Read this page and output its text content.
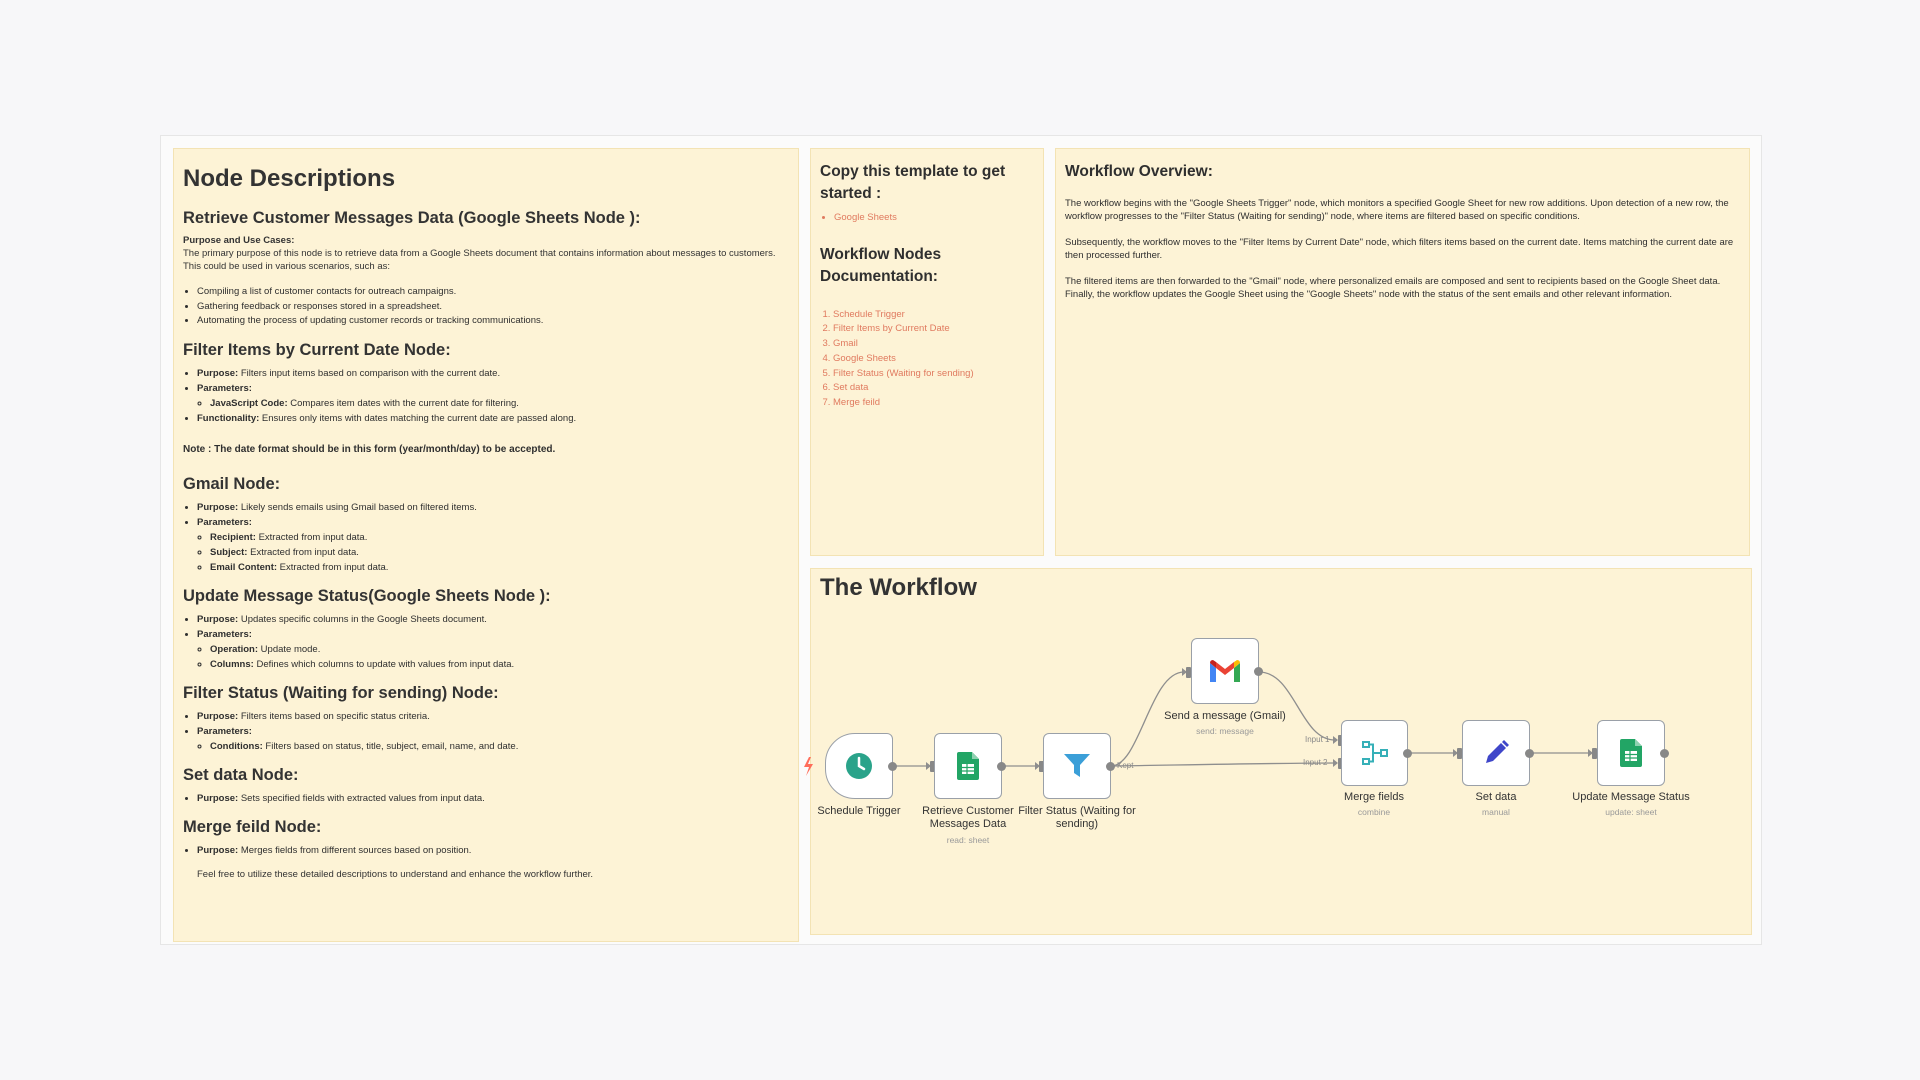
Node Descriptions
Retrieve Customer Messages Data (Google Sheets Node ):
Purpose and Use Cases:
The primary purpose of this node is to retrieve data from a Google Sheets document that contains information about messages to customers. This could be used in various scenarios, such as:
• Compiling a list of customer contacts for outreach campaigns.
• Gathering feedback or responses stored in a spreadsheet.
• Automating the process of updating customer records or tracking communications.
Filter Items by Current Date Node:
• Purpose: Filters input items based on comparison with the current date.
• Parameters:
◦ JavaScript Code: Compares item dates with the current date for filtering.
• Functionality: Ensures only items with dates matching the current date are passed along.
Note : The date format should be in this form (year/month/day) to be accepted.
Gmail Node:
• Purpose: Likely sends emails using Gmail based on filtered items.
• Parameters:
◦ Recipient: Extracted from input data.
◦ Subject: Extracted from input data.
◦ Email Content: Extracted from input data.
Update Message Status(Google Sheets Node ):
• Purpose: Updates specific columns in the Google Sheets document.
• Parameters:
◦ Operation: Update mode.
◦ Columns: Defines which columns to update with values from input data.
Filter Status (Waiting for sending) Node:
• Purpose: Filters items based on specific status criteria.
• Parameters:
◦ Conditions: Filters based on status, title, subject, email, name, and date.
Set data Node:
• Purpose: Sets specified fields with extracted values from input data.
Merge feild Node:
• Purpose: Merges fields from different sources based on position.
Feel free to utilize these detailed descriptions to understand and enhance the workflow further.
Copy this template to get started :
• Google Sheets
Workflow Nodes Documentation:
1. Schedule Trigger
2. Filter Items by Current Date
3. Gmail
4. Google Sheets
5. Filter Status (Waiting for sending)
6. Set data
7. Merge feild
Workflow Overview:

The workflow begins with the "Google Sheets Trigger" node, which monitors a specified Google Sheet for new row additions. Upon detection of a new row, the workflow progresses to the "Filter Status (Waiting for sending)" node, where items are filtered based on specific conditions.

Subsequently, the workflow moves to the "Filter Items by Current Date" node, which filters items based on the current date. Items matching the current date are then processed further.

The filtered items are then forwarded to the "Gmail" node, where personalized emails are composed and sent to recipients based on the Google Sheet data. Finally, the workflow updates the Google Sheet using the "Google Sheets" node with the status of the sent emails and other relevant information.

The Workflow
Schedule Trigger	Retrieve Customer Messages Data
read: sheet
Kept
Filter Status (Waiting for sending)
Send a message (Gmail)
send: message
Input 1
Input 2
Merge fields
combine
Set data
manual
Update Message Status
update: sheet
